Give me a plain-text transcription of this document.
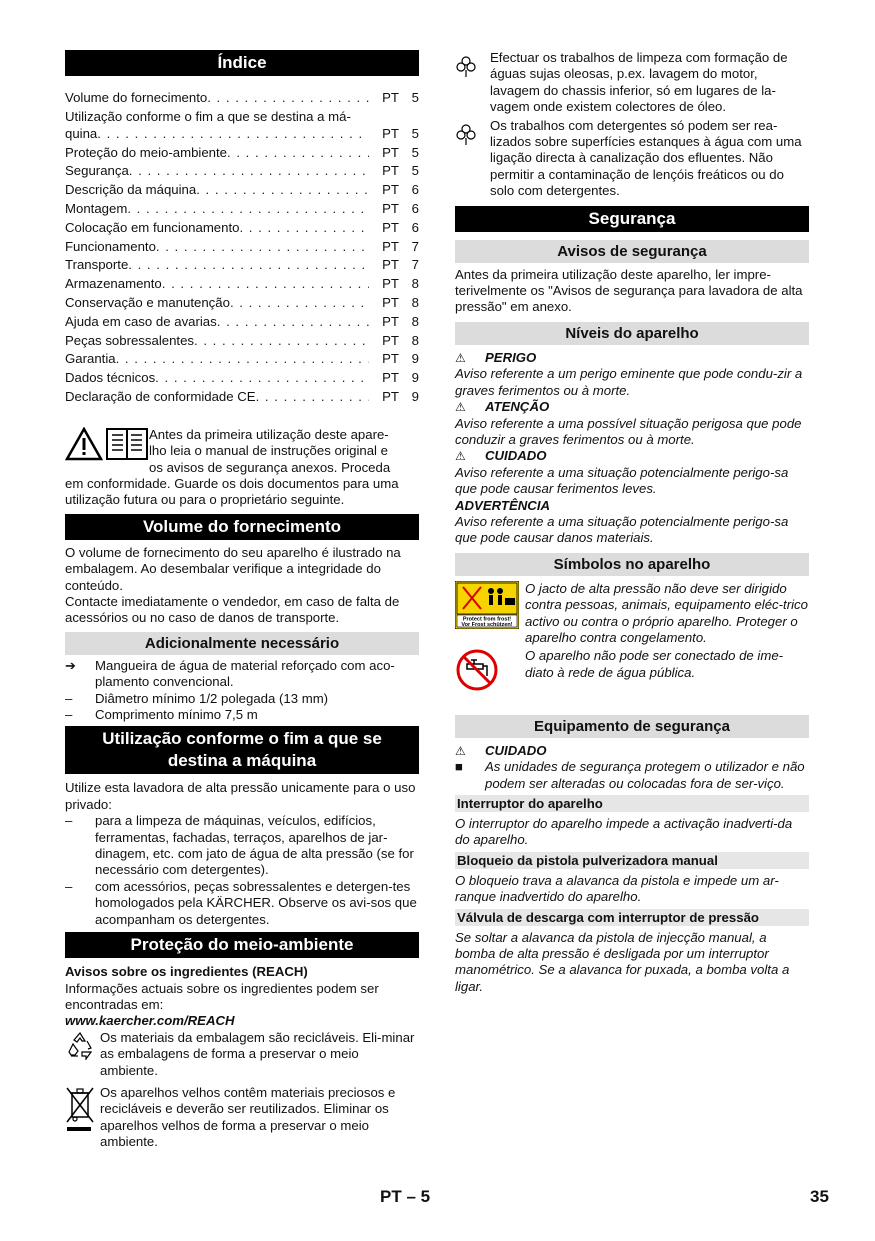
Índice
Volume do fornecimento . . .	PT 5
Utilização conforme o fim a que se destina a má-
quina . . .	PT 5
Proteção do meio-ambiente . . .	PT 5
Segurança . . .	PT 5
Descrição da máquina . . .	PT 6
Montagem . . .	PT 6
Colocação em funcionamento . . .	PT 6
Funcionamento . . .	PT 7
Transporte . . .	PT 7
Armazenamento . . .	PT 8
Conservação e manutenção . . .	PT 8
Ajuda em caso de avarias . . .	PT 8
Peças sobressalentes . . .	PT 8
Garantia . . .	PT 9
Dados técnicos . . .	PT 9
Declaração de conformidade CE . . .	PT 9

Antes da primeira utilização deste apare-

lho leia o manual de instruções original e

os avisos de segurança anexos. Proceda

em conformidade. Guarde os dois documentos para uma utilização futura ou para o proprietário seguinte.

Volume do fornecimento

O volume de fornecimento do seu aparelho é ilustrado na embalagem. Ao desembalar verifique a integridade do conteúdo.

Contacte imediatamente o vendedor, em caso de falta de acessórios ou no caso de danos de transporte.

Adicionalmente necessário
➔	Mangueira de água de material reforçado com aco-plamento convencional.
–	Diâmetro mínimo 1/2 polegada (13 mm)
–	Comprimento mínimo 7,5 m
Utilização conforme o fim a que se
destina a máquina

Utilize esta lavadora de alta pressão unicamente para o uso privado:

–	para a limpeza de máquinas, veículos, edifícios, ferramentas, fachadas, terraços, aparelhos de jar-dinagem, etc. com jato de água de alta pressão (se for necessário com detergentes).
–	com acessórios, peças sobressalentes e detergen-tes homologados pela KÄRCHER. Observe os avi-sos que acompanham os detergentes.
Proteção do meio-ambiente

Avisos sobre os ingredientes (REACH)

Informações actuais sobre os ingredientes podem ser encontradas em:

www.kaercher.com/REACH

Os materiais da embalagem são recicláveis. Eli-minar as embalagens de forma a preservar o meio ambiente.

Os aparelhos velhos contêm materiais preciosos e recicláveis e deverão ser reutilizados. Eliminar os aparelhos velhos de forma a preservar o meio ambiente.

Efectuar os trabalhos de limpeza com formação de águas sujas oleosas, p.ex. lavagem do motor, lavagem do chassis inferior, só em lugares de la-vagem onde existem colectores de óleo.

Os trabalhos com detergentes só podem ser rea-lizados sobre superfícies estanques à água com uma ligação directa à canalização dos efluentes. Não permitir a contaminação de lençóis freáticos ou do solo com detergentes.

Segurança
Avisos de segurança

Antes da primeira utilização deste aparelho, ler impre-terivelmente os "Avisos de segurança para lavadora de alta pressão" em anexo.

Níveis do aparelho
⚠	PERIGO

Aviso referente a um perigo eminente que pode condu-zir a graves ferimentos ou à morte.

⚠	ATENÇÃO

Aviso referente a uma possível situação perigosa que pode conduzir a graves ferimentos ou à morte.

⚠	CUIDADO

Aviso referente a uma situação potencialmente perigo-sa que pode causar ferimentos leves.

ADVERTÊNCIA

Aviso referente a uma situação potencialmente perigo-sa que pode causar danos materiais.

Símbolos no aparelho
Protect from frost!
Vor Frost schützen!

O jacto de alta pressão não deve ser dirigido contra pessoas, animais, equipamento eléc-trico activo ou contra o próprio aparelho. Proteger o aparelho contra congelamento.

O aparelho não pode ser conectado de ime-diato à rede de água pública.

Equipamento de segurança
⚠	CUIDADO
■	As unidades de segurança protegem o utilizador e não podem ser alteradas ou colocadas fora de ser-viço.
Interruptor do aparelho

O interruptor do aparelho impede a activação inadverti-da do aparelho.

Bloqueio da pistola pulverizadora manual

O bloqueio trava a alavanca da pistola e impede um ar-ranque inadvertido do aparelho.

Válvula de descarga com interruptor de pressão

Se soltar a alavanca da pistola de injecção manual, a bomba de alta pressão é desligada por um interruptor manométrico. Se a alavanca for puxada, a bomba volta a ligar.

PT – 5	35
